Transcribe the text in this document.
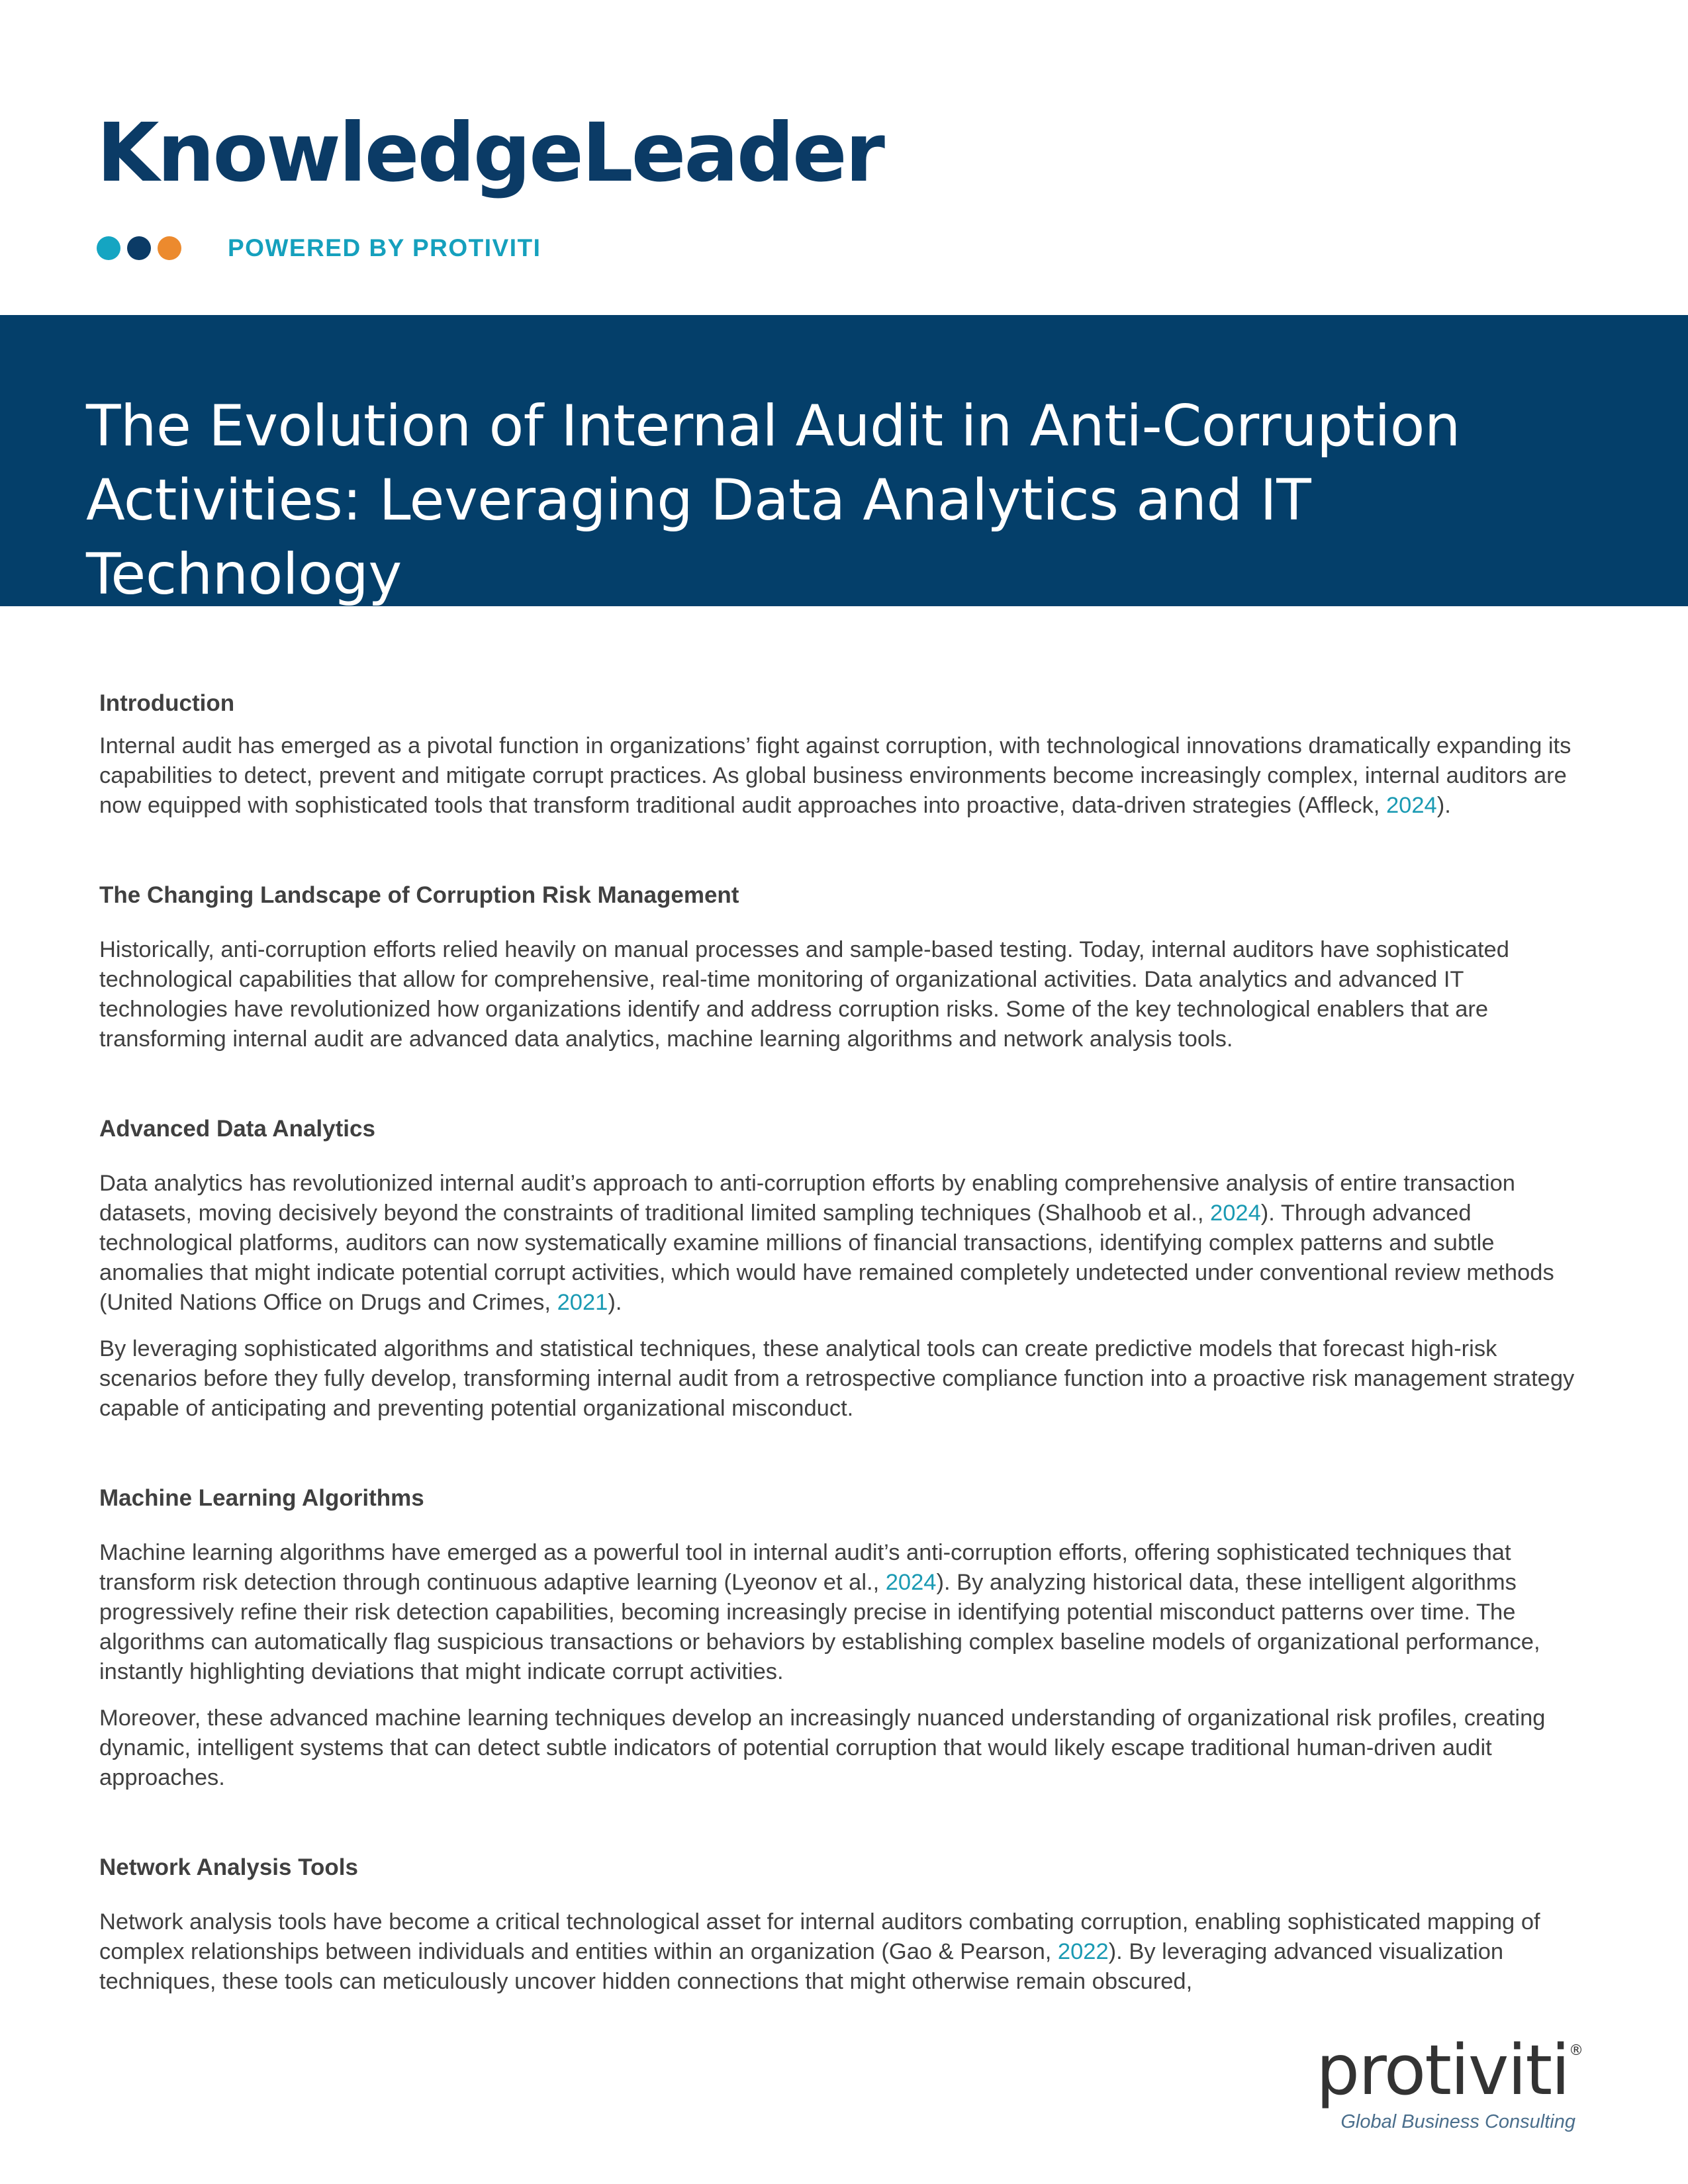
KnowledgeLeader
POWERED BY PROTIVITI
The Evolution of Internal Audit in Anti-Corruption Activities: Leveraging Data Analytics and IT Technology
Introduction

Internal audit has emerged as a pivotal function in organizations’ fight against corruption, with technological innovations dramatically expanding its capabilities to detect, prevent and mitigate corrupt practices. As global business environments become increasingly complex, internal auditors are now equipped with sophisticated tools that transform traditional audit approaches into proactive, data-driven strategies (Affleck, 2024).

The Changing Landscape of Corruption Risk Management

Historically, anti-corruption efforts relied heavily on manual processes and sample-based testing. Today, internal auditors have sophisticated technological capabilities that allow for comprehensive, real-time monitoring of organizational activities. Data analytics and advanced IT technologies have revolutionized how organizations identify and address corruption risks. Some of the key technological enablers that are transforming internal audit are advanced data analytics, machine learning algorithms and network analysis tools.

Advanced Data Analytics

Data analytics has revolutionized internal audit’s approach to anti-corruption efforts by enabling comprehensive analysis of entire transaction datasets, moving decisively beyond the constraints of traditional limited sampling techniques (Shalhoob et al., 2024). Through advanced technological platforms, auditors can now systematically examine millions of financial transactions, identifying complex patterns and subtle anomalies that might indicate potential corrupt activities, which would have remained completely undetected under conventional review methods (United Nations Office on Drugs and Crimes, 2021).

By leveraging sophisticated algorithms and statistical techniques, these analytical tools can create predictive models that forecast high-risk scenarios before they fully develop, transforming internal audit from a retrospective compliance function into a proactive risk management strategy capable of anticipating and preventing potential organizational misconduct.

Machine Learning Algorithms

Machine learning algorithms have emerged as a powerful tool in internal audit’s anti-corruption efforts, offering sophisticated techniques that transform risk detection through continuous adaptive learning (Lyeonov et al., 2024). By analyzing historical data, these intelligent algorithms progressively refine their risk detection capabilities, becoming increasingly precise in identifying potential misconduct patterns over time. The algorithms can automatically flag suspicious transactions or behaviors by establishing complex baseline models of organizational performance, instantly highlighting deviations that might indicate corrupt activities.

Moreover, these advanced machine learning techniques develop an increasingly nuanced understanding of organizational risk profiles, creating dynamic, intelligent systems that can detect subtle indicators of potential corruption that would likely escape traditional human-driven audit approaches.

Network Analysis Tools

Network analysis tools have become a critical technological asset for internal auditors combating corruption, enabling sophisticated mapping of complex relationships between individuals and entities within an organization (Gao & Pearson, 2022). By leveraging advanced visualization techniques, these tools can meticulously uncover hidden connections that might otherwise remain obscured,

protiviti®
Global Business Consulting
